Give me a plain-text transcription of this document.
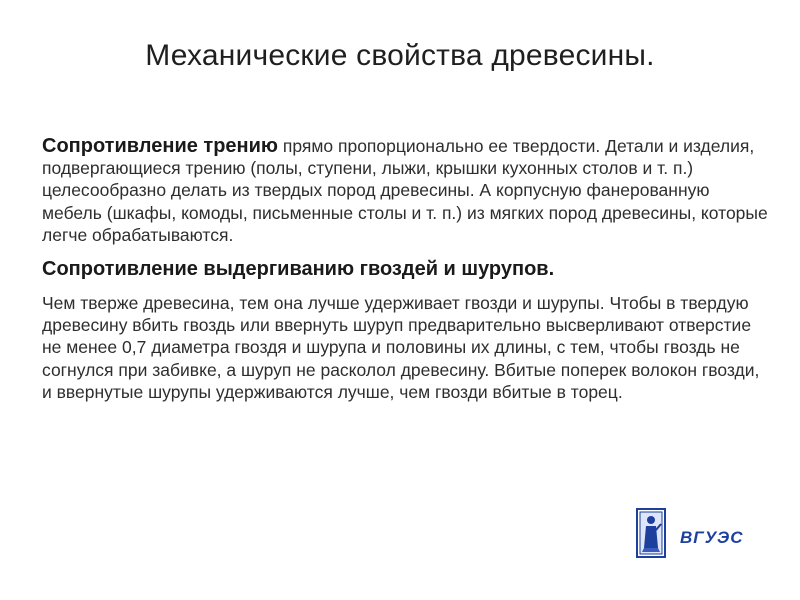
Механические свойства древесины.

Сопротивление трению прямо пропорционально ее твердости. Детали и изделия, подвергающиеся трению (полы, ступени, лыжи, крышки кухонных столов и т. п.) целесообразно делать из твердых пород древесины. А корпусную фанерованную мебель (шкафы, комоды, письменные столы и т. п.) из мягких пород древесины, которые легче обрабатываются.

Сопротивление выдергиванию гвоздей и шурупов.

Чем тверже древесина, тем она лучше удерживает гвозди и шурупы. Чтобы в твердую древесину вбить гвоздь или ввернуть шуруп предварительно высверливают отверстие не менее 0,7 диаметра гвоздя и шурупа и половины их длины, с тем, чтобы гвоздь не согнулся при забивке, а шуруп не расколол древесину. Вбитые поперек волокон гвозди, и ввернутые шурупы удерживаются лучше, чем гвозди вбитые в торец.

ВГУЭС
